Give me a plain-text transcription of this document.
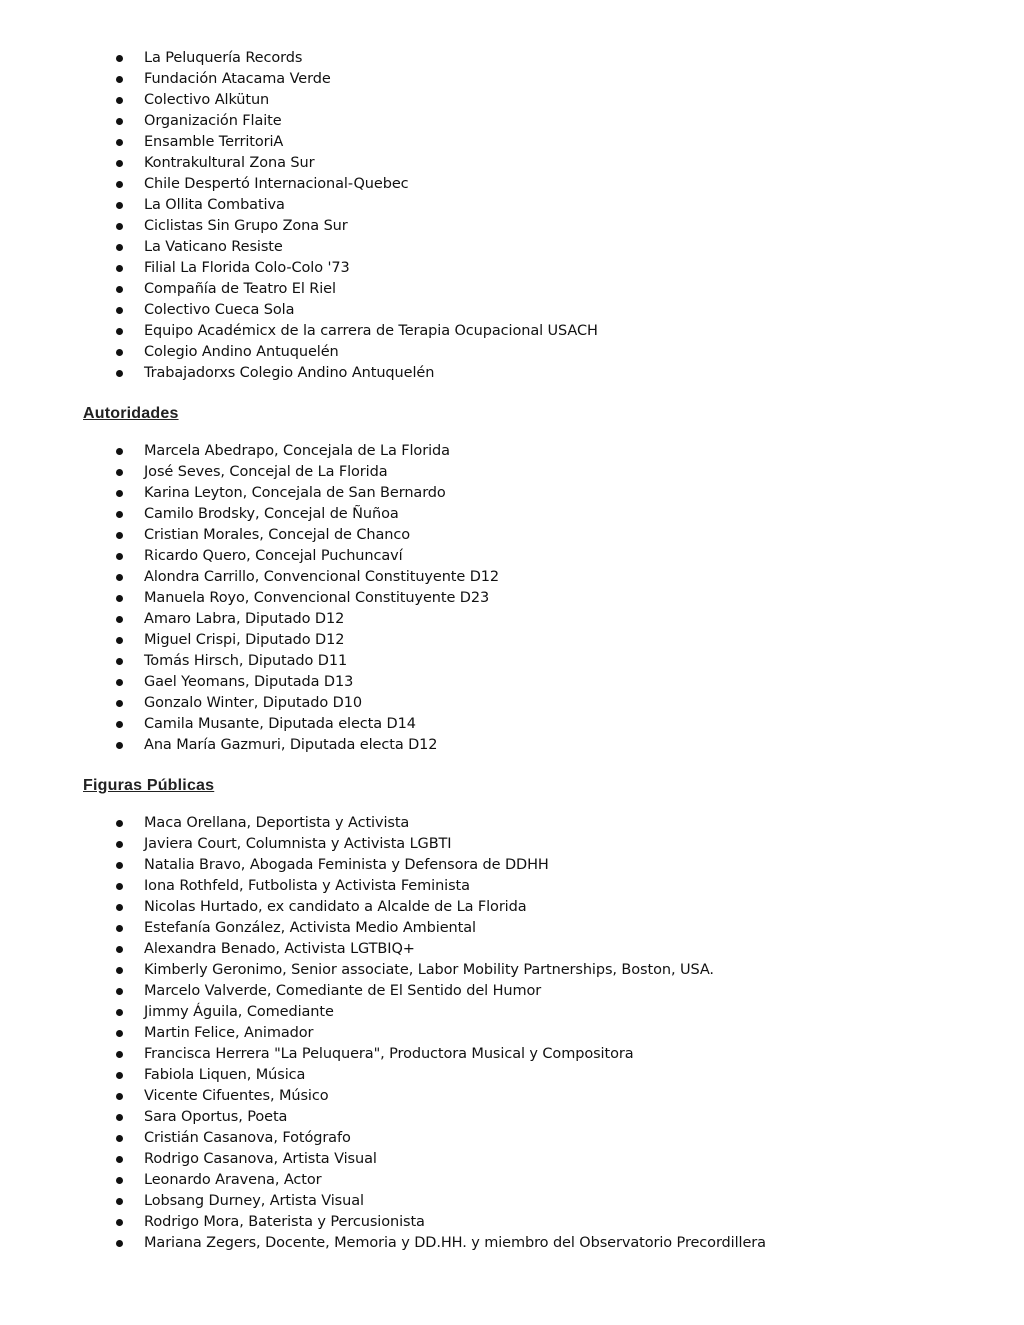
La Peluquería Records
Fundación Atacama Verde
Colectivo Alkütun
Organización Flaite
Ensamble TerritoriA
Kontrakultural Zona Sur
Chile Despertó Internacional-Quebec
La Ollita Combativa
Ciclistas Sin Grupo Zona Sur
La Vaticano Resiste
Filial La Florida Colo-Colo '73
Compañía de Teatro El Riel
Colectivo Cueca Sola
Equipo Académicx de la carrera de Terapia Ocupacional USACH
Colegio Andino Antuquelén
Trabajadorxs Colegio Andino Antuquelén
Autoridades
Marcela Abedrapo, Concejala de La Florida
José Seves, Concejal de La Florida
Karina Leyton, Concejala de San Bernardo
Camilo Brodsky, Concejal de Ñuñoa
Cristian Morales, Concejal de Chanco
Ricardo Quero, Concejal Puchuncaví
Alondra Carrillo, Convencional Constituyente D12
Manuela Royo, Convencional Constituyente D23
Amaro Labra, Diputado D12
Miguel Crispi, Diputado D12
Tomás Hirsch, Diputado D11
Gael Yeomans, Diputada D13
Gonzalo Winter, Diputado D10
Camila Musante, Diputada electa D14
Ana María Gazmuri, Diputada electa D12
Figuras Públicas
Maca Orellana, Deportista y Activista
Javiera Court, Columnista y Activista LGBTI
Natalia Bravo, Abogada Feminista y Defensora de DDHH
Iona Rothfeld, Futbolista y Activista Feminista
Nicolas Hurtado, ex candidato a Alcalde de La Florida
Estefanía González, Activista Medio Ambiental
Alexandra Benado, Activista LGTBIQ+
Kimberly Geronimo, Senior associate, Labor Mobility Partnerships, Boston, USA.
Marcelo Valverde, Comediante de El Sentido del Humor
Jimmy Águila, Comediante
Martin Felice, Animador
Francisca Herrera "La Peluquera", Productora Musical y Compositora
Fabiola Liquen, Música
Vicente Cifuentes, Músico
Sara Oportus, Poeta
Cristián Casanova, Fotógrafo
Rodrigo Casanova, Artista Visual
Leonardo Aravena, Actor
Lobsang Durney, Artista Visual
Rodrigo Mora, Baterista y Percusionista
Mariana Zegers, Docente, Memoria y DD.HH. y miembro del Observatorio Precordillera
